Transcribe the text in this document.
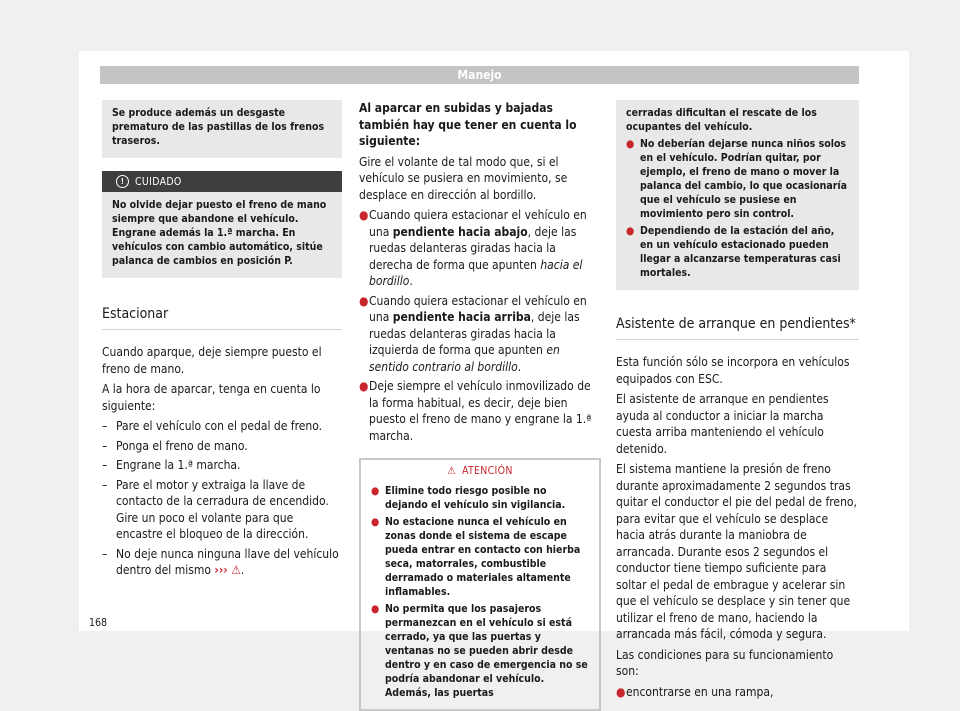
Manejo

Se produce además un desgaste prematuro de las pastillas de los frenos traseros.

!	CUIDADO

No olvide dejar puesto el freno de mano siempre que abandone el vehículo. Engrane además la 1.ª marcha. En vehículos con cambio automático, sitúe palanca de cambios en posición P.

Estacionar

Cuando aparque, deje siempre puesto el freno de mano.

A la hora de aparcar, tenga en cuenta lo siguiente:

– Pare el vehículo con el pedal de freno.
– Ponga el freno de mano.
– Engrane la 1.ª marcha.
– Pare el motor y extraiga la llave de contacto de la cerradura de encendido. Gire un poco el volante para que encastre el bloqueo de la dirección.
– No deje nunca ninguna llave del vehículo dentro del mismo ››› ⚠.

Al aparcar en subidas y bajadas también hay que tener en cuenta lo siguiente:

Gire el volante de tal modo que, si el vehículo se pusiera en movimiento, se desplace en dirección al bordillo.

● Cuando quiera estacionar el vehículo en una pendiente hacia abajo, deje las ruedas delanteras giradas hacia la derecha de forma que apunten hacia el bordillo.
● Cuando quiera estacionar el vehículo en una pendiente hacia arriba, deje las ruedas delanteras giradas hacia la izquierda de forma que apunten en sentido contrario al bordillo.
● Deje siempre el vehículo inmovilizado de la forma habitual, es decir, deje bien puesto el freno de mano y engrane la 1.ª marcha.
⚠ ATENCIÓN
● Elimine todo riesgo posible no dejando el vehículo sin vigilancia.
● No estacione nunca el vehículo en zonas donde el sistema de escape pueda entrar en contacto con hierba seca, matorrales, combustible derramado o materiales altamente inflamables.
● No permita que los pasajeros permanezcan en el vehículo si está cerrado, ya que las puertas y ventanas no se pueden abrir desde dentro y en caso de emergencia no se podría abandonar el vehículo. Además, las puertas

cerradas dificultan el rescate de los ocupantes del vehículo.

● No deberían dejarse nunca niños solos en el vehículo. Podrían quitar, por ejemplo, el freno de mano o mover la palanca del cambio, lo que ocasionaría que el vehículo se pusiese en movimiento pero sin control.
● Dependiendo de la estación del año, en un vehículo estacionado pueden llegar a alcanzarse temperaturas casi mortales.
Asistente de arranque en pendientes*

Esta función sólo se incorpora en vehículos equipados con ESC.

El asistente de arranque en pendientes ayuda al conductor a iniciar la marcha cuesta arriba manteniendo el vehículo detenido.

El sistema mantiene la presión de freno durante aproximadamente 2 segundos tras quitar el conductor el pie del pedal de freno, para evitar que el vehículo se desplace hacia atrás durante la maniobra de arrancada. Durante esos 2 segundos el conductor tiene tiempo suficiente para soltar el pedal de embrague y acelerar sin que el vehículo se desplace y sin tener que utilizar el freno de mano, haciendo la arrancada más fácil, cómoda y segura.

Las condiciones para su funcionamiento son:

● encontrarse en una rampa,
168
